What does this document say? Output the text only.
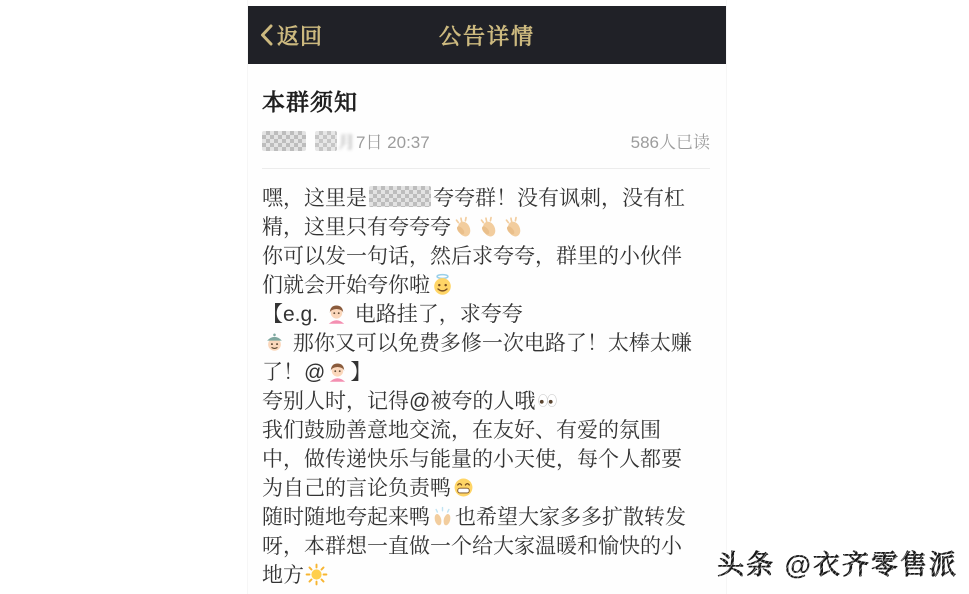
返回	公告详情
本群须知
月 7日 20:37	586人已读
嘿，这里是	夸夸群！没有讽刺，没有杠
精，这里只有夸夸夸
你可以发一句话，然后求夸夸，群里的小伙伴
们就会开始夸你啦
【e.g.  电路挂了，求夸夸
那你又可以免费多修一次电路了！太棒太赚
了！@ 】
夸别人时，记得@被夸的人哦
我们鼓励善意地交流，在友好、有爱的氛围
中，做传递快乐与能量的小天使，每个人都要
为自己的言论负责鸭
随时随地夸起来鸭 也希望大家多多扩散转发
呀，本群想一直做一个给大家温暖和愉快的小
地方	头条 @衣齐零售派
